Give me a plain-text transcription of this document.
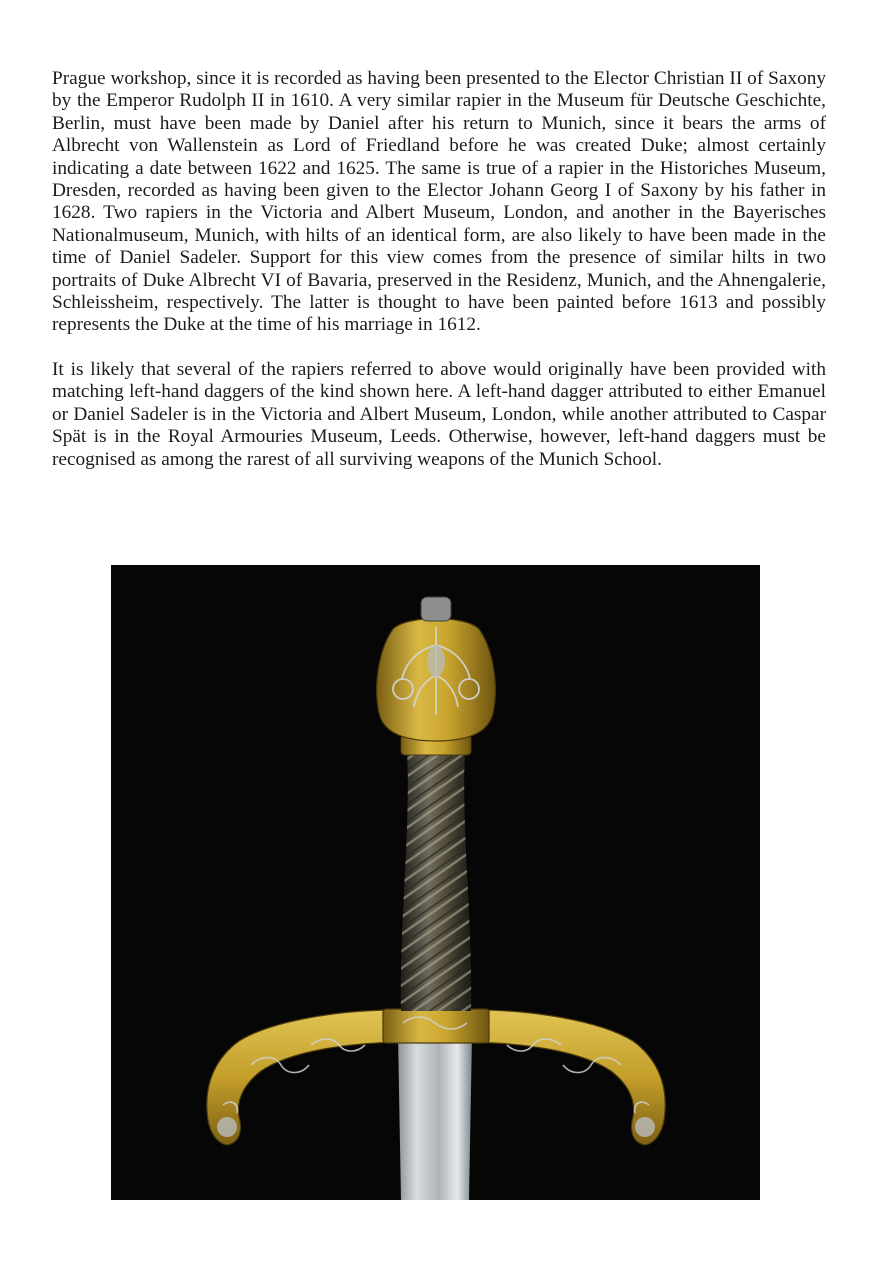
Prague workshop, since it is recorded as having been presented to the Elector Christian II of Saxony by the Emperor Rudolph II in 1610. A very similar rapier in the Museum für Deutsche Geschichte, Berlin, must have been made by Daniel after his return to Munich, since it bears the arms of Albrecht von Wallenstein as Lord of Friedland before he was created Duke; almost certainly indicating a date between 1622 and 1625. The same is true of a rapier in the Historiches Museum, Dresden, recorded as having been given to the Elector Johann Georg I of Saxony by his father in 1628. Two rapiers in the Victoria and Albert Museum, London, and another in the Bayerisches Nationalmuseum, Munich, with hilts of an identical form, are also likely to have been made in the time of Daniel Sadeler. Support for this view comes from the presence of similar hilts in two portraits of Duke Albrecht VI of Bavaria, preserved in the Residenz, Munich, and the Ahnengalerie, Schleissheim, respectively. The latter is thought to have been painted before 1613 and possibly represents the Duke at the time of his marriage in 1612.

It is likely that several of the rapiers referred to above would originally have been provided with matching left-hand daggers of the kind shown here. A left-hand dagger attributed to either Emanuel or Daniel Sadeler is in the Victoria and Albert Museum, London, while another attributed to Caspar Spät is in the Royal Armouries Museum, Leeds. Otherwise, however, left-hand daggers must be recognised as among the rarest of all surviving weapons of the Munich School.
